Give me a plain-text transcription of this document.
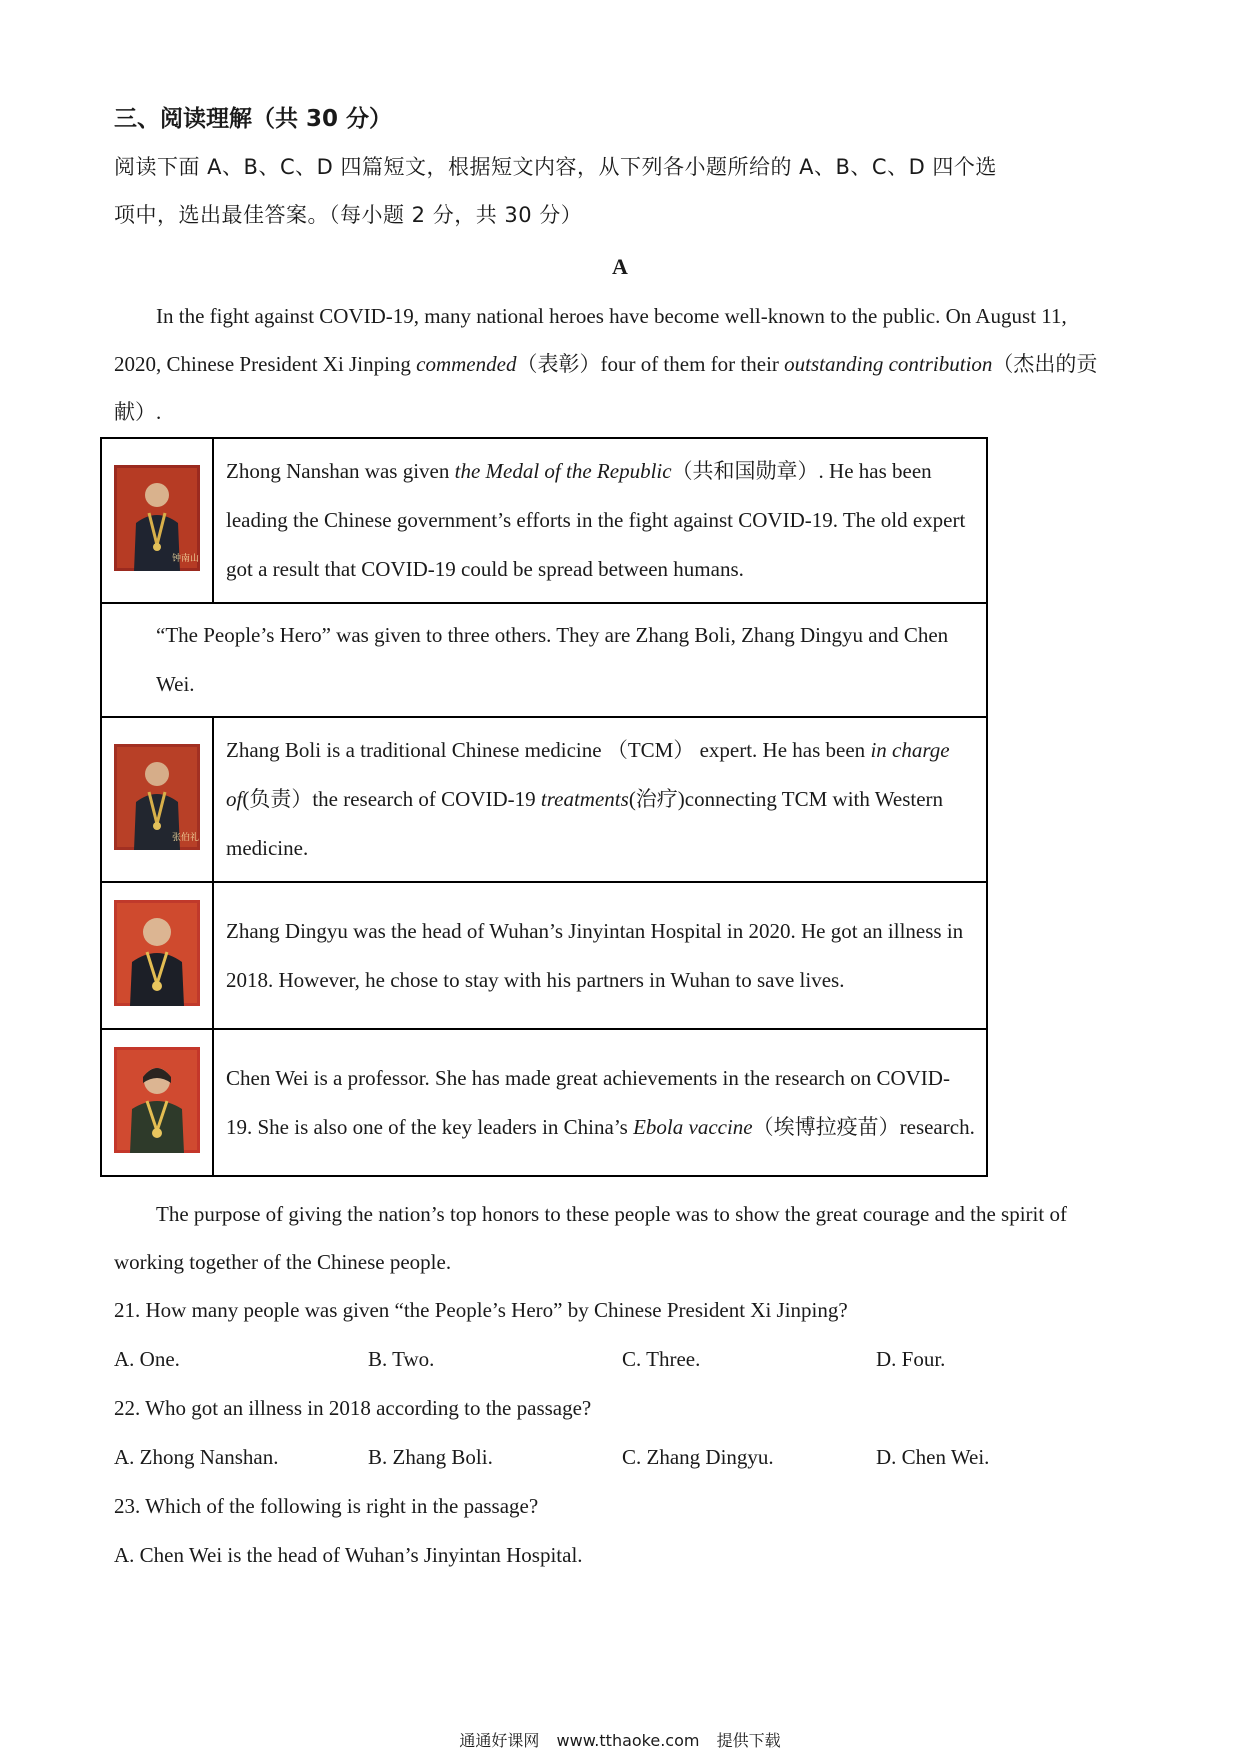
三、阅读理解（共 30 分）
阅读下面 A、B、C、D 四篇短文，根据短文内容，从下列各小题所给的 A、B、C、D 四个选
项中，选出最佳答案。（每小题 2 分，共 30 分）
A
In the fight against COVID-19, many national heroes have become well-known to the public. On August 11,
2020, Chinese President Xi Jinping commended（表彰）four of them for their outstanding contribution（杰出的贡
献）.
钟南山	Zhong Nanshan was given the Medal of the Republic（共和国勋章）. He has been leading the Chinese government’s efforts in the fight against COVID-19. The old expert got a result that COVID-19 could be spread between humans.

“The People’s Hero” was given to three others. They are Zhang Boli, Zhang Dingyu and Chen Wei.	

张伯礼	Zhang Boli is a traditional Chinese medicine （TCM） expert. He has been in charge of(负责）the research of COVID-19 treatments(治疗)connecting TCM with Western medicine.
	Zhang Dingyu was the head of Wuhan’s Jinyintan Hospital in 2020. He got an illness in 2018. However, he chose to stay with his partners in Wuhan to save lives.
	Chen Wei is a professor. She has made great achievements in the research on COVID-19. She is also one of the key leaders in China’s Ebola vaccine（埃博拉疫苗）research.
The purpose of giving the nation’s top honors to these people was to show the great courage and the spirit of working together of the Chinese people.
21. How many people was given “the People’s Hero” by Chinese President Xi Jinping?
A. One.	B. Two.	C. Three.	D. Four.
22. Who got an illness in 2018 according to the passage?
A. Zhong Nanshan.	B. Zhang Boli.	C. Zhang Dingyu.	D. Chen Wei.
23. Which of the following is right in the passage?
A. Chen Wei is the head of Wuhan’s Jinyintan Hospital.
通通好课网 www.tthaoke.com 提供下载
